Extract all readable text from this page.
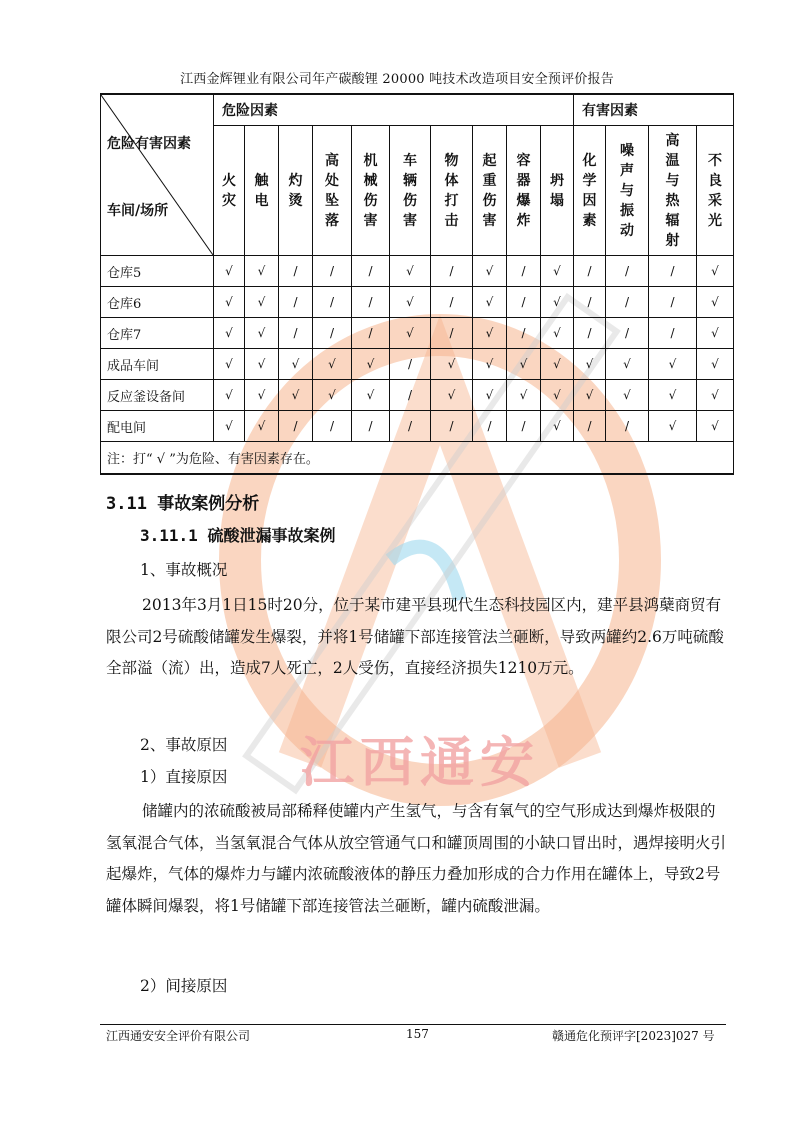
江西通安
江西金辉锂业有限公司年产碳酸锂 20000 吨技术改造项目安全预评价报告
危险有害因素
车间/场所	危险因素										有害因素			
	火灾	触电	灼烫	高处坠落	机械伤害	车辆伤害	物体打击	起重伤害	容器爆炸	坍塌	化学因素	噪声与振动	高温与热辐射	不良采光
仓库5	√	√	/	/	/	√	/	√	/	√	/	/	/	√
仓库6	√	√	/	/	/	√	/	√	/	√	/	/	/	√
仓库7	√	√	/	/	/	√	/	√	/	√	/	/	/	√
成品车间	√	√	√	√	√	/	√	√	√	√	√	√	√	√
反应釜设备间	√	√	√	√	√	/	√	√	√	√	√	√	√	√
配电间	√	√	/	/	/	/	/	/	/	√	/	/	√	√
注：打“ √ ”为危险、有害因素存在。														
3.11 事故案例分析
3.11.1 硫酸泄漏事故案例
1、事故概况
2013年3月1日15时20分，位于某市建平县现代生态科技园区内，建平县鸿蘖商贸有限公司2号硫酸储罐发生爆裂，并将1号储罐下部连接管法兰砸断，导致两罐约2.6万吨硫酸全部溢（流）出，造成7人死亡，2人受伤，直接经济损失1210万元。
2、事故原因
1）直接原因
储罐内的浓硫酸被局部稀释使罐内产生氢气，与含有氧气的空气形成达到爆炸极限的氢氧混合气体，当氢氧混合气体从放空管通气口和罐顶周围的小缺口冒出时，遇焊接明火引起爆炸，气体的爆炸力与罐内浓硫酸液体的静压力叠加形成的合力作用在罐体上，导致2号罐体瞬间爆裂，将1号储罐下部连接管法兰砸断，罐内硫酸泄漏。
2）间接原因
江西通安安全评价有限公司	157	赣通危化预评字[2023]027 号
